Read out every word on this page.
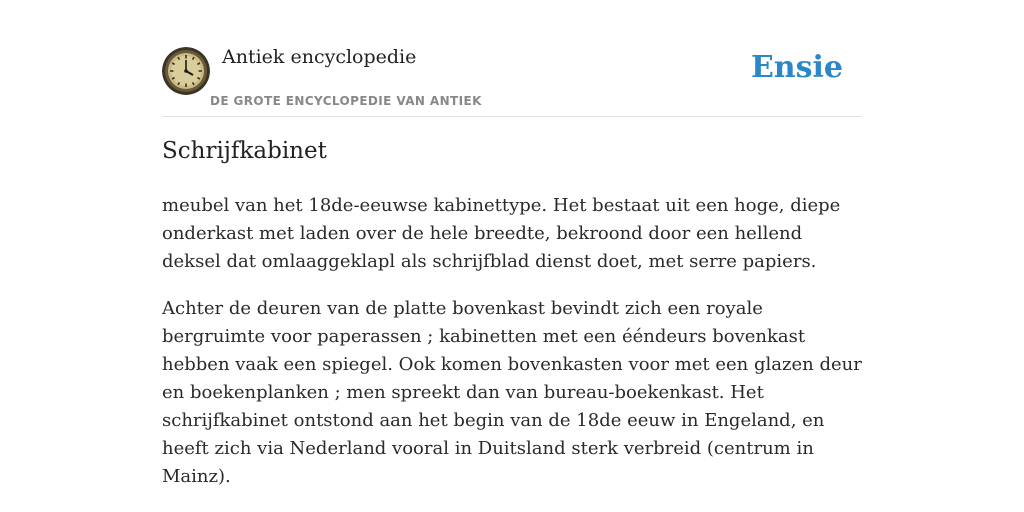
Antiek encyclopedie
DE GROTE ENCYCLOPEDIE VAN ANTIEK
Ensie
Schrijfkabinet

meubel van het 18de-eeuwse kabinettype. Het bestaat uit een hoge, diepe onderkast met laden over de hele breedte, bekroond door een hellend deksel dat omlaaggeklapl als schrijfblad dienst doet, met serre papiers.

Achter de deuren van de platte bovenkast bevindt zich een royale bergruimte voor paperassen ; kabinetten met een ééndeurs bovenkast hebben vaak een spiegel. Ook komen bovenkasten voor met een glazen deur en boekenplanken ; men spreekt dan van bureau-boekenkast. Het schrijfkabinet ontstond aan het begin van de 18de eeuw in Engeland, en heeft zich via Nederland vooral in Duitsland sterk verbreid (centrum in Mainz).
